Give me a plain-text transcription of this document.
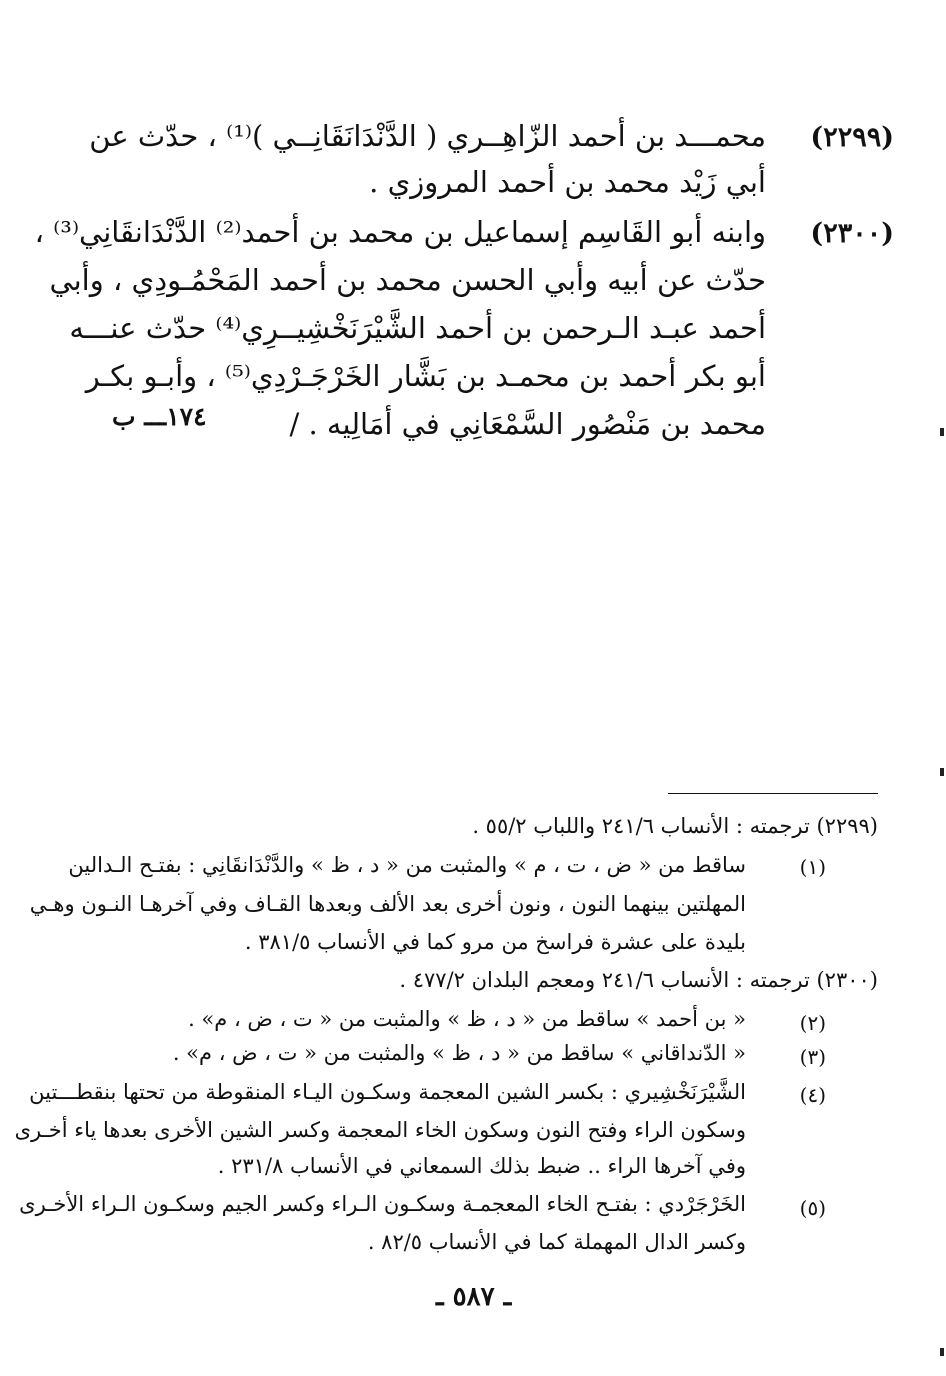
(٢٢٩٩)
محمـــد بن أحمد الزّاهِــري ( الدَّنْدَانَقَانِــي )⁽¹⁾ ، حدّث عن
أبي زَيْد محمد بن أحمد المروزي .
(٢٣٠٠)
وابنه أبو القَاسِم إسماعيل بن محمد بن أحمد⁽²⁾ الدَّنْدَانقَانِي⁽³⁾ ،
حدّث عن أبيه وأبي الحسن محمد بن أحمد المَحْمُـودِي ، وأبي
أحمد عبـد الـرحمن بن أحمد الشَّيْرَنَخْشِيــرِي⁽⁴⁾ حدّث عنـــه
أبو بكر أحمد بن محمـد بن بَشَّار الخَرْجَـرْدِي⁽⁵⁾ ، وأبـو بكـر
محمد بن مَنْصُور السَّمْعَانِي في أمَالِيه . /
١٧٤ـــ ب
(٢٢٩٩) ترجمته : الأنساب ٢٤١/٦ واللباب ٥٥/٢ .
(١)
ساقط من « ض ، ت ، م » والمثبت من « د ، ظ » والدَّنْدَانقَانِي : بفتـح الـدالين
المهلتين بينهما النون ، ونون أخرى بعد الألف وبعدها القـاف وفي آخرهـا النـون وهـي
بليدة على عشرة فراسخ من مرو كما في الأنساب ٣٨١/٥ .
(٢٣٠٠) ترجمته : الأنساب ٢٤١/٦ ومعجم البلدان ٤٧٧/٢ .
(٢)
« بن أحمد » ساقط من « د ، ظ » والمثبت من « ت ، ض ، م» .
(٣)
« الدّنداقاني » ساقط من « د ، ظ » والمثبت من « ت ، ض ، م» .
(٤)
الشَّيْرَنَخْشِيري : بكسر الشين المعجمة وسكـون اليـاء المنقوطة من تحتها بنقطـــتين
وسكون الراء وفتح النون وسكون الخاء المعجمة وكسر الشين الأخرى بعدها ياء أخـرى
وفي آخرها الراء .. ضبط بذلك السمعاني في الأنساب ٢٣١/٨ .
(٥)
الخَرْجَرْدي : بفتـح الخاء المعجمـة وسكـون الـراء وكسر الجيم وسكـون الـراء الأخـرى
وكسر الدال المهملة كما في الأنساب ٨٢/٥ .
ـ ٥٨٧ ـ
